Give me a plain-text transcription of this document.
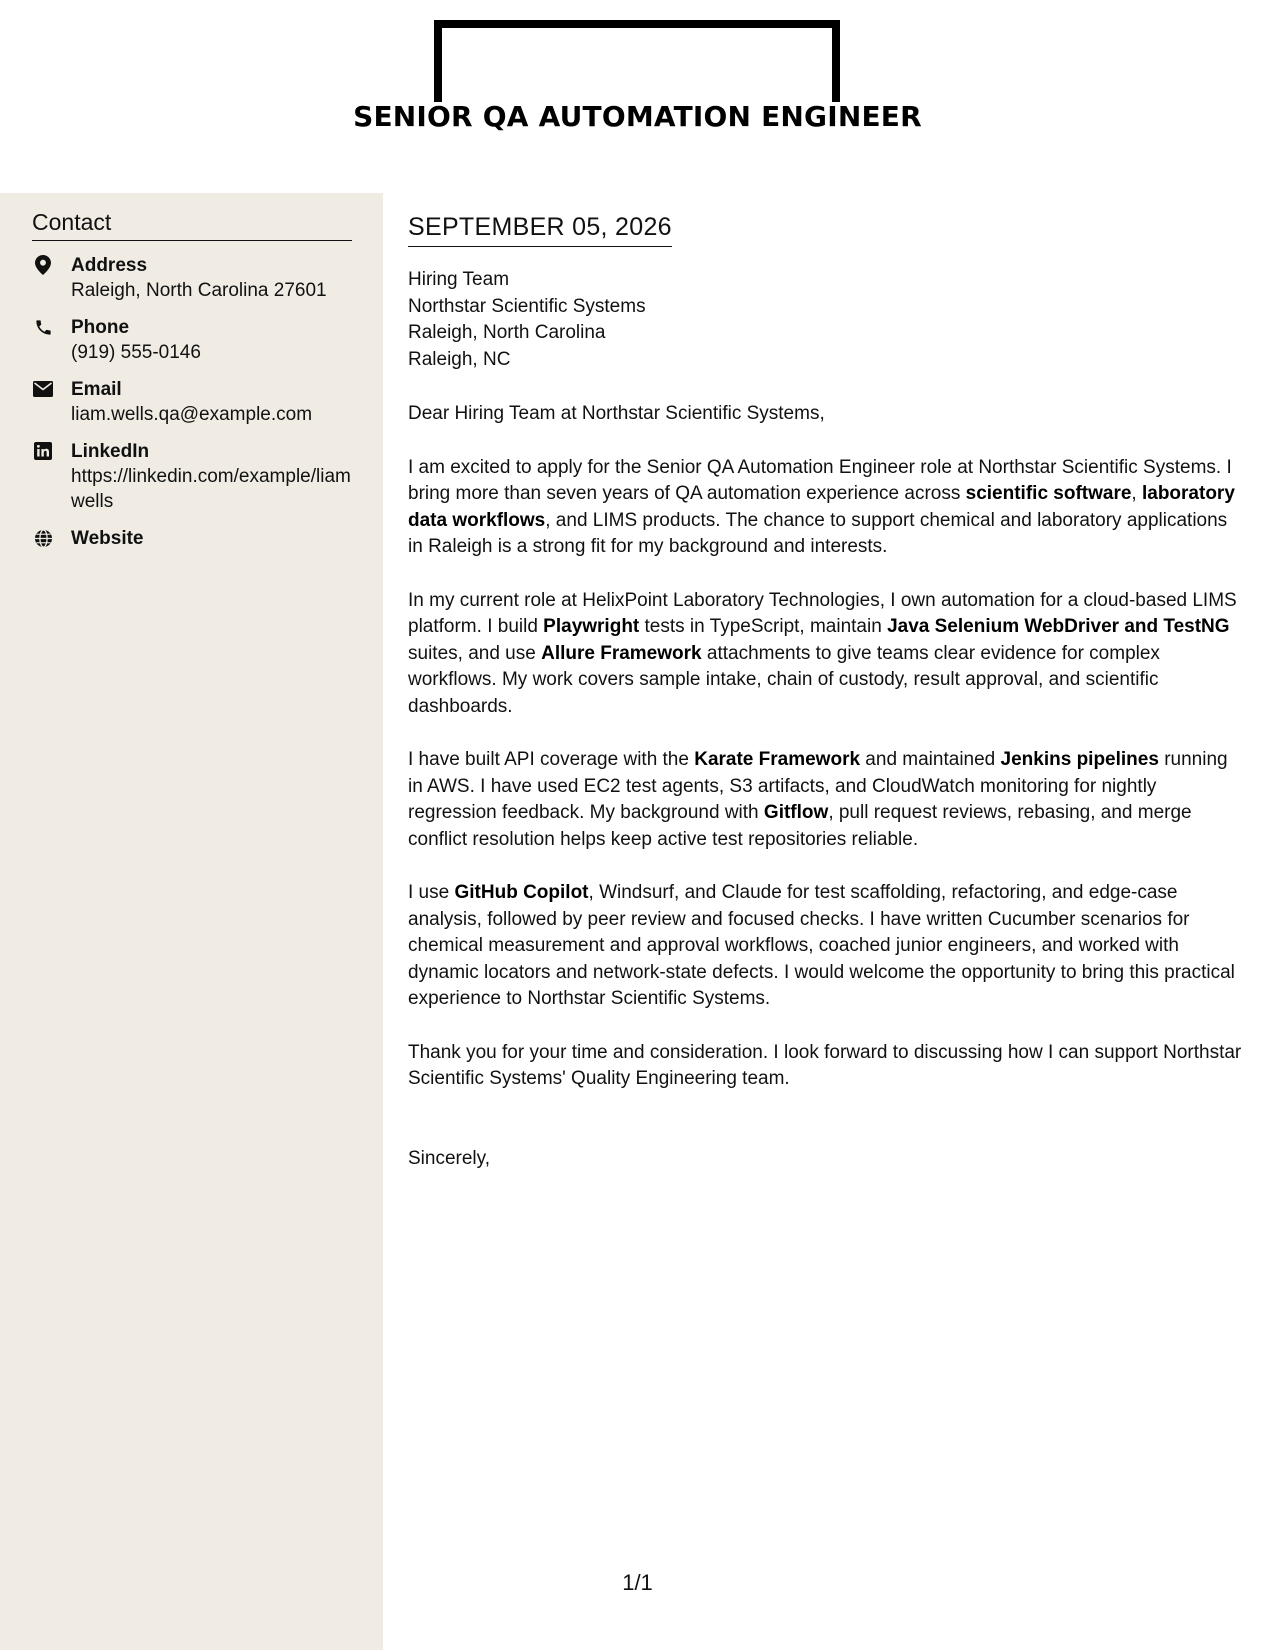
SENIOR QA AUTOMATION ENGINEER
Contact
Address
Raleigh, North Carolina 27601
Phone
(919) 555-0146
Email
liam.wells.qa@example.com
LinkedIn
https://linkedin.com/example/liamwells
Website
SEPTEMBER 05, 2026
Hiring Team
Northstar Scientific Systems
Raleigh, North Carolina
Raleigh, NC
Dear Hiring Team at Northstar Scientific Systems,

I am excited to apply for the Senior QA Automation Engineer role at Northstar Scientific Systems. I bring more than seven years of QA automation experience across scientific software, laboratory data workflows, and LIMS products. The chance to support chemical and laboratory applications in Raleigh is a strong fit for my background and interests.

In my current role at HelixPoint Laboratory Technologies, I own automation for a cloud-based LIMS platform. I build Playwright tests in TypeScript, maintain Java Selenium WebDriver and TestNG suites, and use Allure Framework attachments to give teams clear evidence for complex workflows. My work covers sample intake, chain of custody, result approval, and scientific dashboards.

I have built API coverage with the Karate Framework and maintained Jenkins pipelines running in AWS. I have used EC2 test agents, S3 artifacts, and CloudWatch monitoring for nightly regression feedback. My background with Gitflow, pull request reviews, rebasing, and merge conflict resolution helps keep active test repositories reliable.

I use GitHub Copilot, Windsurf, and Claude for test scaffolding, refactoring, and edge-case analysis, followed by peer review and focused checks. I have written Cucumber scenarios for chemical measurement and approval workflows, coached junior engineers, and worked with dynamic locators and network-state defects. I would welcome the opportunity to bring this practical experience to Northstar Scientific Systems.

Thank you for your time and consideration. I look forward to discussing how I can support Northstar Scientific Systems' Quality Engineering team.

Sincerely,
1/1
